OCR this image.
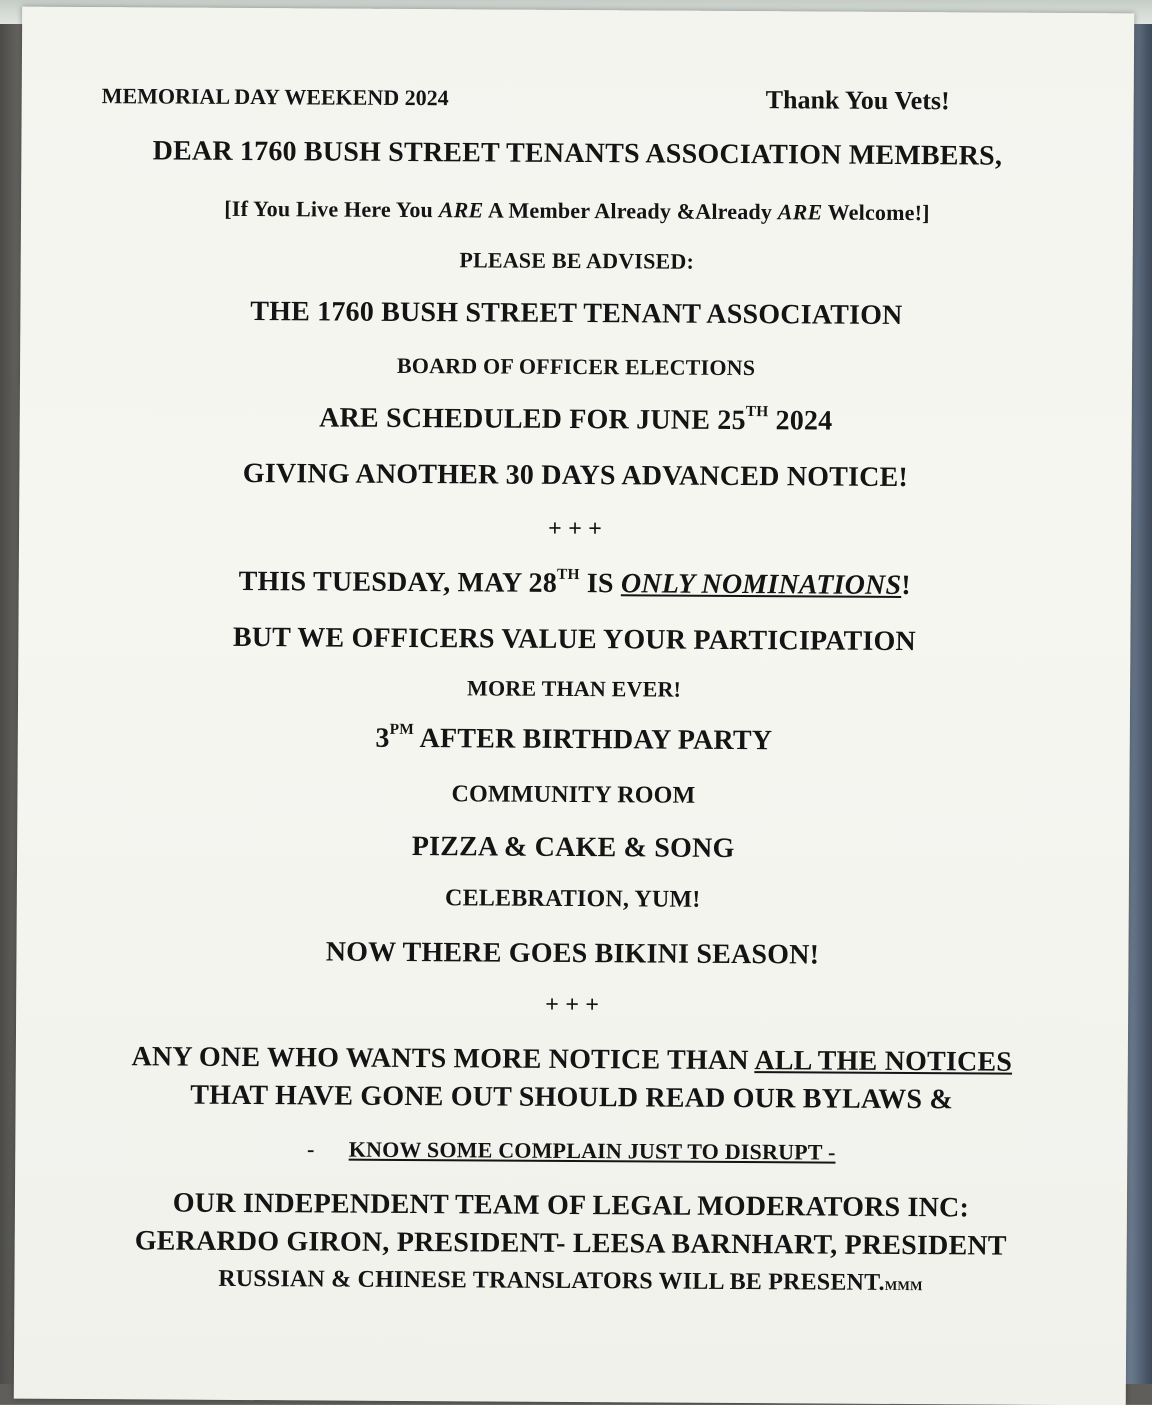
MEMORIAL DAY WEEKEND 2024	Thank You Vets!
DEAR 1760 BUSH STREET TENANTS ASSOCIATION MEMBERS,
[If You Live Here You ARE A Member Already &Already ARE Welcome!]
PLEASE BE ADVISED:
THE 1760 BUSH STREET TENANT ASSOCIATION
BOARD OF OFFICER ELECTIONS
ARE SCHEDULED FOR JUNE 25TH 2024
GIVING ANOTHER 30 DAYS ADVANCED NOTICE!
+ + +
THIS TUESDAY, MAY 28TH IS ONLY NOMINATIONS!
BUT WE OFFICERS VALUE YOUR PARTICIPATION
MORE THAN EVER!
$3^{PM}$ AFTER BIRTHDAY PARTY
COMMUNITY ROOM
PIZZA & CAKE & SONG
CELEBRATION, YUM!
NOW THERE GOES BIKINI SEASON!
+ + +
ANY ONE WHO WANTS MORE NOTICE THAN ALL THE NOTICES
THAT HAVE GONE OUT SHOULD READ OUR BYLAWS &
- KNOW SOME COMPLAIN JUST TO DISRUPT -
OUR INDEPENDENT TEAM OF LEGAL MODERATORS INC:
GERARDO GIRON, PRESIDENT- LEESA BARNHART, PRESIDENT
RUSSIAN & CHINESE TRANSLATORS WILL BE PRESENT.MMM
